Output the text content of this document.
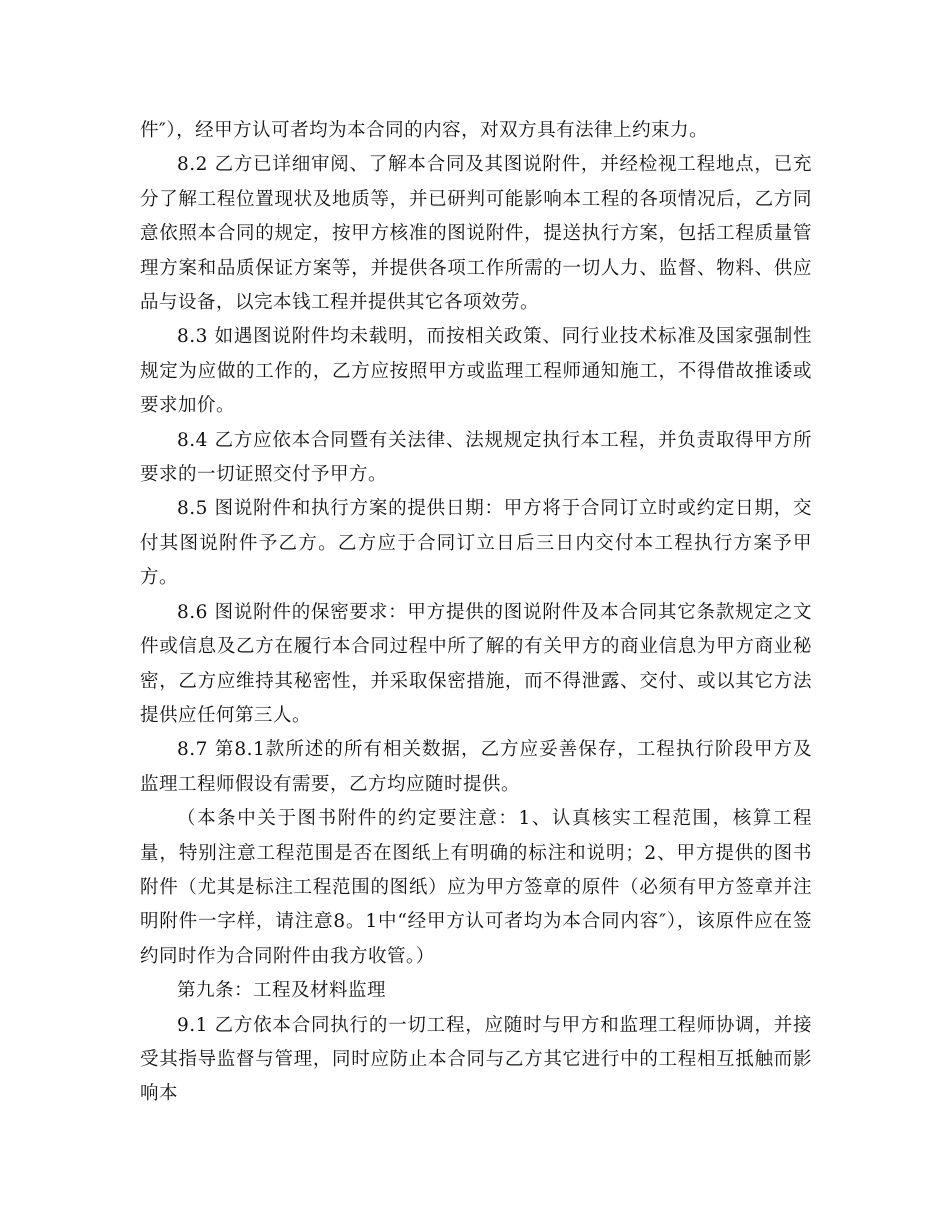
件″），经甲方认可者均为本合同的内容，对双方具有法律上约束力。

8.2 乙方已详细审阅、了解本合同及其图说附件，并经检视工程地点，已充分了解工程位置现状及地质等，并已研判可能影响本工程的各项情况后，乙方同意依照本合同的规定，按甲方核准的图说附件，提送执行方案，包括工程质量管理方案和品质保证方案等，并提供各项工作所需的一切人力、监督、物料、供应品与设备，以完本钱工程并提供其它各项效劳。

8.3 如遇图说附件均未载明，而按相关政策、同行业技术标准及国家强制性规定为应做的工作的，乙方应按照甲方或监理工程师通知施工，不得借故推诿或要求加价。

8.4 乙方应依本合同暨有关法律、法规规定执行本工程，并负责取得甲方所要求的一切证照交付予甲方。

8.5 图说附件和执行方案的提供日期：甲方将于合同订立时或约定日期，交付其图说附件予乙方。乙方应于合同订立日后三日内交付本工程执行方案予甲方。

8.6 图说附件的保密要求：甲方提供的图说附件及本合同其它条款规定之文件或信息及乙方在履行本合同过程中所了解的有关甲方的商业信息为甲方商业秘密，乙方应维持其秘密性，并采取保密措施，而不得泄露、交付、或以其它方法提供应任何第三人。

8.7 第8.1款所述的所有相关数据，乙方应妥善保存，工程执行阶段甲方及监理工程师假设有需要，乙方均应随时提供。

（本条中关于图书附件的约定要注意：1、认真核实工程范围，核算工程量，特别注意工程范围是否在图纸上有明确的标注和说明；2、甲方提供的图书附件（尤其是标注工程范围的图纸）应为甲方签章的原件（必须有甲方签章并注明附件一字样，请注意8。1中“经甲方认可者均为本合同内容″），该原件应在签约同时作为合同附件由我方收管。）

第九条：工程及材料监理

9.1 乙方依本合同执行的一切工程，应随时与甲方和监理工程师协调，并接受其指导监督与管理，同时应防止本合同与乙方其它进行中的工程相互抵触而影响本
